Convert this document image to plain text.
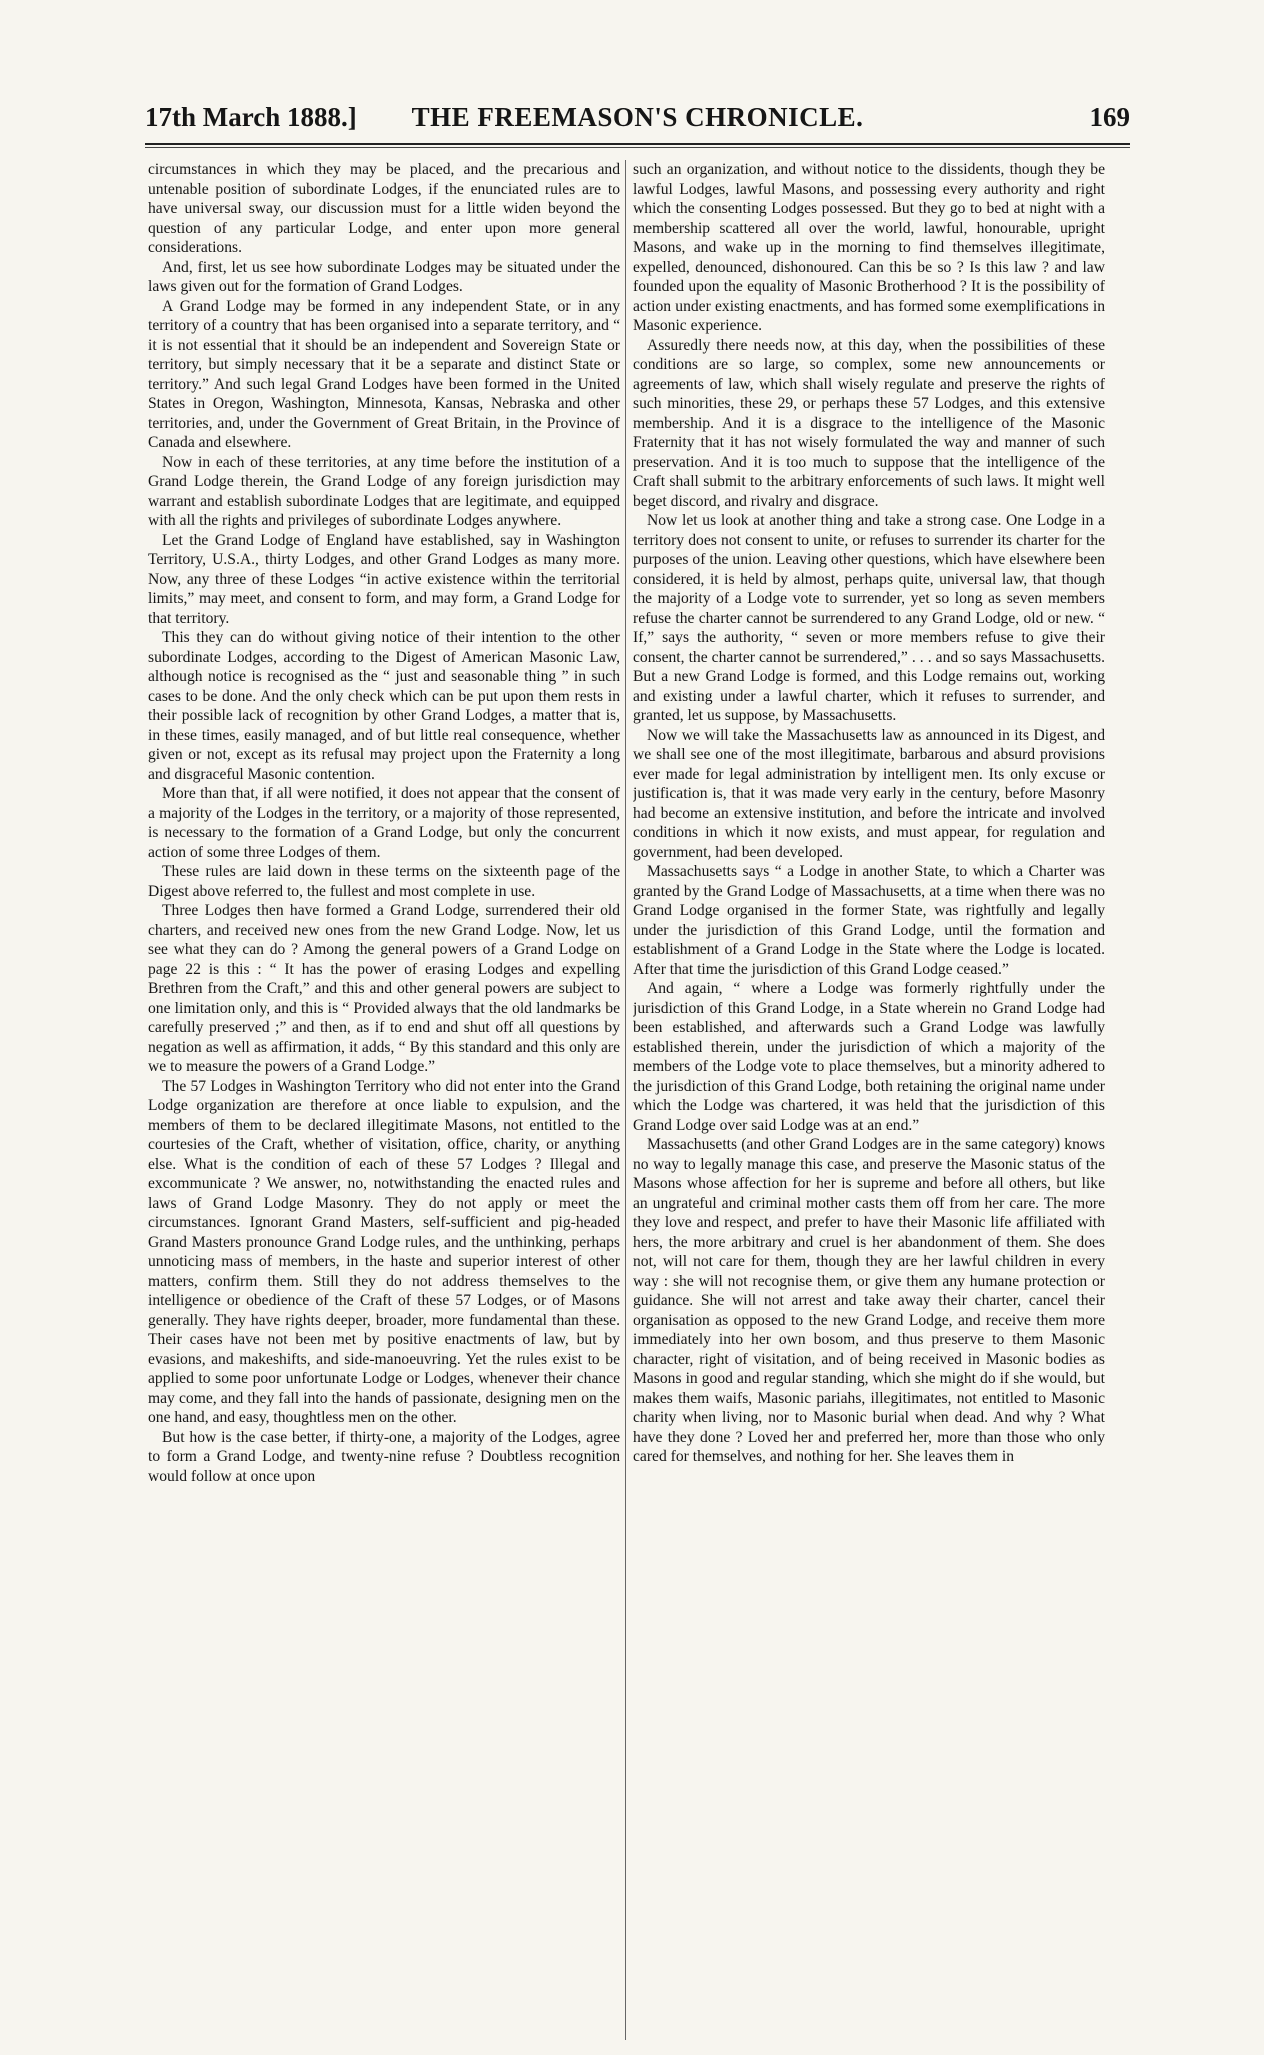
17th March 1888.]	THE FREEMASON'S CHRONICLE.	169

circumstances in which they may be placed, and the precarious and untenable position of subordinate Lodges, if the enunciated rules are to have universal sway, our discussion must for a little widen beyond the question of any particular Lodge, and enter upon more general considerations.

And, first, let us see how subordinate Lodges may be situated under the laws given out for the formation of Grand Lodges.

A Grand Lodge may be formed in any independent State, or in any territory of a country that has been organised into a separate territory, and “ it is not essential that it should be an independent and Sovereign State or territory, but simply necessary that it be a separate and distinct State or territory.” And such legal Grand Lodges have been formed in the United States in Oregon, Washington, Minnesota, Kansas, Nebraska and other territories, and, under the Government of Great Britain, in the Province of Canada and elsewhere.

Now in each of these territories, at any time before the institution of a Grand Lodge therein, the Grand Lodge of any foreign jurisdiction may warrant and establish subordinate Lodges that are legitimate, and equipped with all the rights and privileges of subordinate Lodges anywhere.

Let the Grand Lodge of England have established, say in Washington Territory, U.S.A., thirty Lodges, and other Grand Lodges as many more. Now, any three of these Lodges “in active existence within the territorial limits,” may meet, and consent to form, and may form, a Grand Lodge for that territory.

This they can do without giving notice of their intention to the other subordinate Lodges, according to the Digest of American Masonic Law, although notice is recognised as the “ just and seasonable thing ” in such cases to be done. And the only check which can be put upon them rests in their possible lack of recognition by other Grand Lodges, a matter that is, in these times, easily managed, and of but little real consequence, whether given or not, except as its refusal may project upon the Fraternity a long and disgraceful Masonic contention.

More than that, if all were notified, it does not appear that the consent of a majority of the Lodges in the territory, or a majority of those represented, is necessary to the formation of a Grand Lodge, but only the concurrent action of some three Lodges of them.

These rules are laid down in these terms on the sixteenth page of the Digest above referred to, the fullest and most complete in use.

Three Lodges then have formed a Grand Lodge, surrendered their old charters, and received new ones from the new Grand Lodge. Now, let us see what they can do ? Among the general powers of a Grand Lodge on page 22 is this : “ It has the power of erasing Lodges and expelling Brethren from the Craft,” and this and other general powers are subject to one limitation only, and this is “ Provided always that the old landmarks be carefully preserved ;” and then, as if to end and shut off all questions by negation as well as affirmation, it adds, “ By this standard and this only are we to measure the powers of a Grand Lodge.”

The 57 Lodges in Washington Territory who did not enter into the Grand Lodge organization are therefore at once liable to expulsion, and the members of them to be declared illegitimate Masons, not entitled to the courtesies of the Craft, whether of visitation, office, charity, or anything else. What is the condition of each of these 57 Lodges ? Illegal and excommunicate ? We answer, no, notwithstanding the enacted rules and laws of Grand Lodge Masonry. They do not apply or meet the circumstances. Ignorant Grand Masters, self-sufficient and pig-headed Grand Masters pronounce Grand Lodge rules, and the unthinking, perhaps unnoticing mass of members, in the haste and superior interest of other matters, confirm them. Still they do not address themselves to the intelligence or obedience of the Craft of these 57 Lodges, or of Masons generally. They have rights deeper, broader, more fundamental than these. Their cases have not been met by positive enactments of law, but by evasions, and makeshifts, and side-manoeuvring. Yet the rules exist to be applied to some poor unfortunate Lodge or Lodges, whenever their chance may come, and they fall into the hands of passionate, designing men on the one hand, and easy, thoughtless men on the other.

But how is the case better, if thirty-one, a majority of the Lodges, agree to form a Grand Lodge, and twenty-nine refuse ? Doubtless recognition would follow at once upon

such an organization, and without notice to the dissidents, though they be lawful Lodges, lawful Masons, and possessing every authority and right which the consenting Lodges possessed. But they go to bed at night with a membership scattered all over the world, lawful, honourable, upright Masons, and wake up in the morning to find themselves illegitimate, expelled, denounced, dishonoured. Can this be so ? Is this law ? and law founded upon the equality of Masonic Brotherhood ? It is the possibility of action under existing enactments, and has formed some exemplifications in Masonic experience.

Assuredly there needs now, at this day, when the possibilities of these conditions are so large, so complex, some new announcements or agreements of law, which shall wisely regulate and preserve the rights of such minorities, these 29, or perhaps these 57 Lodges, and this extensive membership. And it is a disgrace to the intelligence of the Masonic Fraternity that it has not wisely formulated the way and manner of such preservation. And it is too much to suppose that the intelligence of the Craft shall submit to the arbitrary enforcements of such laws. It might well beget discord, and rivalry and disgrace.

Now let us look at another thing and take a strong case. One Lodge in a territory does not consent to unite, or refuses to surrender its charter for the purposes of the union. Leaving other questions, which have elsewhere been considered, it is held by almost, perhaps quite, universal law, that though the majority of a Lodge vote to surrender, yet so long as seven members refuse the charter cannot be surrendered to any Grand Lodge, old or new. “ If,” says the authority, “ seven or more members refuse to give their consent, the charter cannot be surrendered,” . . . and so says Massachusetts. But a new Grand Lodge is formed, and this Lodge remains out, working and existing under a lawful charter, which it refuses to surrender, and granted, let us suppose, by Massachusetts.

Now we will take the Massachusetts law as announced in its Digest, and we shall see one of the most illegitimate, barbarous and absurd provisions ever made for legal administration by intelligent men. Its only excuse or justification is, that it was made very early in the century, before Masonry had become an extensive institution, and before the intricate and involved conditions in which it now exists, and must appear, for regulation and government, had been developed.

Massachusetts says “ a Lodge in another State, to which a Charter was granted by the Grand Lodge of Massachusetts, at a time when there was no Grand Lodge organised in the former State, was rightfully and legally under the jurisdiction of this Grand Lodge, until the formation and establishment of a Grand Lodge in the State where the Lodge is located. After that time the jurisdiction of this Grand Lodge ceased.”

And again, “ where a Lodge was formerly rightfully under the jurisdiction of this Grand Lodge, in a State wherein no Grand Lodge had been established, and afterwards such a Grand Lodge was lawfully established therein, under the jurisdiction of which a majority of the members of the Lodge vote to place themselves, but a minority adhered to the jurisdiction of this Grand Lodge, both retaining the original name under which the Lodge was chartered, it was held that the jurisdiction of this Grand Lodge over said Lodge was at an end.”

Massachusetts (and other Grand Lodges are in the same category) knows no way to legally manage this case, and preserve the Masonic status of the Masons whose affection for her is supreme and before all others, but like an ungrateful and criminal mother casts them off from her care. The more they love and respect, and prefer to have their Masonic life affiliated with hers, the more arbitrary and cruel is her abandonment of them. She does not, will not care for them, though they are her lawful children in every way : she will not recognise them, or give them any humane protection or guidance. She will not arrest and take away their charter, cancel their organisation as opposed to the new Grand Lodge, and receive them more immediately into her own bosom, and thus preserve to them Masonic character, right of visitation, and of being received in Masonic bodies as Masons in good and regular standing, which she might do if she would, but makes them waifs, Masonic pariahs, illegitimates, not entitled to Masonic charity when living, nor to Masonic burial when dead. And why ? What have they done ? Loved her and preferred her, more than those who only cared for themselves, and nothing for her. She leaves them in
